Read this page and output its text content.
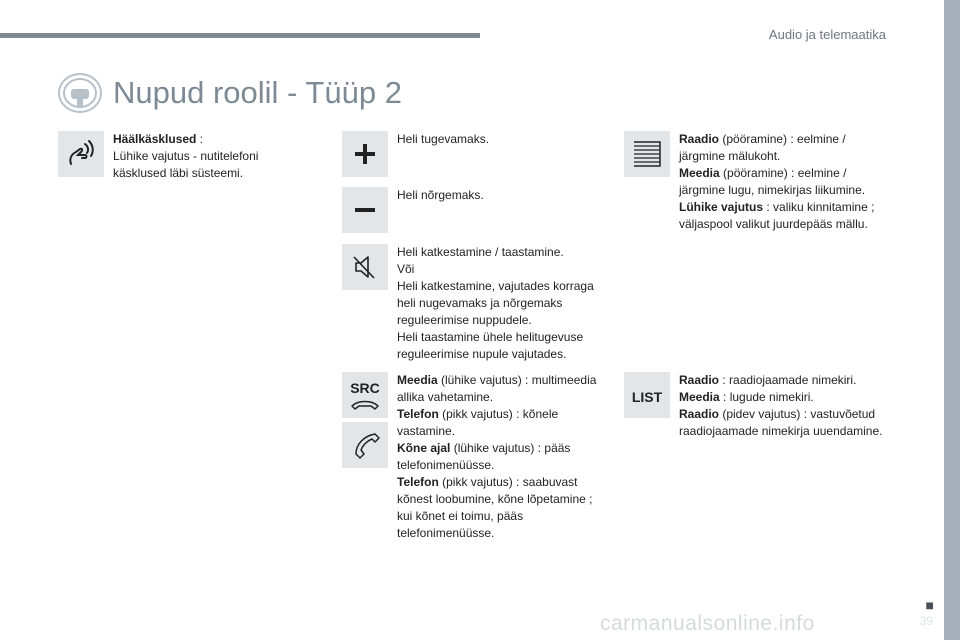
Audio ja telemaatika
Nupud roolil - Tüüp 2
Häälkäsklused :
Lühike vajutus - nutitelefoni käsklused läbi süsteemi.
Heli tugevamaks.
Heli nõrgemaks.
Heli katkestamine / taastamine.
Või
Heli katkestamine, vajutades korraga heli nugevamaks ja nõrgemaks reguleerimise nuppudele.
Heli taastamine ühele helitugevuse reguleerimise nupule vajutades.
SRC Meedia (lühike vajutus) : multimeedia allika vahetamine.
Telefon (pikk vajutus) : kõnele vastamine.
Kõne ajal (lühike vajutus) : pääs telefonimenüüsse.
Telefon (pikk vajutus) : saabuvast kõnest loobumine, kõne lõpetamine ; kui kõnet ei toimu, pääs telefonimenüüsse.
Raadio (pööramine) : eelmine / järgmine mälukoht.
Meedia (pööramine) : eelmine / järgmine lugu, nimekirjas liikumine.
Lühike vajutus : valiku kinnitamine ; väljaspool valikut juurdepääs mällu.
LIST
Raadio : raadiojaamade nimekiri.
Meedia : lugude nimekiri.
Raadio (pidev vajutus) : vastuvõetud raadiojaamade nimekirja uuendamine.
■
39
carmanualsonline.info
